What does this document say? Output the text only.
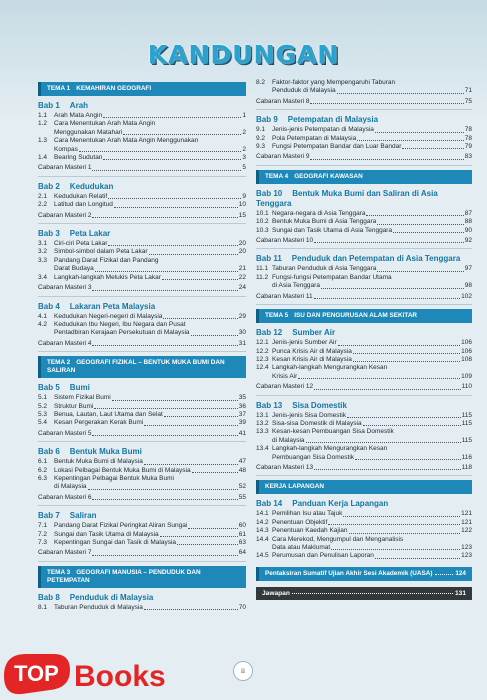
KANDUNGAN
TEMA 1 KEMAHIRAN GEOGRAFI
Bab 1 Arah
1.1	Arah Mata Angin	1
1.2	Cara Menentukan Arah Mata Angin
Menggunakan Matahari	2
1.3	Cara Menentukan Arah Mata Angin Menggunakan
Kompas	2
1.4	Bearing Sudutan	3
Cabaran Masteri 1	5
Bab 2 Kedudukan
2.1	Kedudukan Relatif	9
2.2	Latitud dan Longitud	10
Cabaran Masteri 2	15
Bab 3 Peta Lakar
3.1	Ciri-ciri Peta Lakar	20
3.2	Simbol-simbol dalam Peta Lakar	20
3.3	Pandang Darat Fizikal dan Pandang
Darat Budaya	21
3.4	Langkah-langkah Melukis Peta Lakar	22
Cabaran Masteri 3	24
Bab 4 Lakaran Peta Malaysia
4.1	Kedudukan Negeri-negeri di Malaysia	29
4.2	Kedudukan Ibu Negeri, Ibu Negara dan Pusat
Pentadbiran Kerajaan Persekutuan di Malaysia	30
Cabaran Masteri 4	31
TEMA 2 GEOGRAFI FIZIKAL – BENTUK MUKA BUMI DAN SALIRAN
Bab 5 Bumi
5.1	Sistem Fizikal Bumi	35
5.2	Struktur Bumi	36
5.3	Benua, Lautan, Laut Utama dan Selat	37
5.4	Kesan Pergerakan Kerak Bumi	39
Cabaran Masteri 5	41
Bab 6 Bentuk Muka Bumi
6.1	Bentuk Muka Bumi di Malaysia	47
6.2	Lokasi Pelbagai Bentuk Muka Bumi di Malaysia	48
6.3	Kepentingan Pelbagai Bentuk Muka Bumi
di Malaysia	52
Cabaran Masteri 6	55
Bab 7 Saliran
7.1	Pandang Darat Fizikal Peringkat Aliran Sungai	60
7.2	Sungai dan Tasik Utama di Malaysia	61
7.3	Kepentingan Sungai dan Tasik di Malaysia	63
Cabaran Masteri 7	64
TEMA 3 GEOGRAFI MANUSIA – PENDUDUK DAN PETEMPATAN
Bab 8 Penduduk di Malaysia
8.1	Taburan Penduduk di Malaysia	70
8.2	Faktor-faktor yang Mempengaruhi Taburan
Penduduk di Malaysia	71
Cabaran Masteri 8	75
Bab 9 Petempatan di Malaysia
9.1	Jenis-jenis Petempatan di Malaysia	78
9.2	Pola Petempatan di Malaysia	78
9.3	Fungsi Petempatan Bandar dan Luar Bandar	79
Cabaran Masteri 9	83
TEMA 4 GEOGRAFI KAWASAN
Bab 10 Bentuk Muka Bumi dan Saliran di Asia Tenggara
10.1 Negara-negara di Asia Tenggara	87
10.2 Bentuk Muka Bumi di Asia Tenggara	88
10.3 Sungai dan Tasik Utama di Asia Tenggara	90
Cabaran Masteri 10	92
Bab 11 Penduduk dan Petempatan di Asia Tenggara
11.1 Taburan Penduduk di Asia Tenggara	97
11.2 Fungsi-fungsi Petempatan Bandar Utama
di Asia Tenggara	98
Cabaran Masteri 11	102
TEMA 5 ISU DAN PENGURUSAN ALAM SEKITAR
Bab 12 Sumber Air
12.1 Jenis-jenis Sumber Air	106
12.2 Punca Krisis Air di Malaysia	106
12.3 Kesan Krisis Air di Malaysia	108
12.4 Langkah-langkah Mengurangkan Kesan
Krisis Air	109
Cabaran Masteri 12	110
Bab 13 Sisa Domestik
13.1 Jenis-jenis Sisa Domestik	115
13.2 Sisa-sisa Domestik di Malaysia	115
13.3 Kesan-kesan Pembuangan Sisa Domestik
di Malaysia	115
13.4 Langkah-langkah Mengurangkan Kesan
Pembuangan Sisa Domestik	116
Cabaran Masteri 13	118
KERJA LAPANGAN
Bab 14 Panduan Kerja Lapangan
14.1 Pemilihan Isu atau Tajuk	121
14.2 Penentuan Objektif	121
14.3 Penentuan Kaedah Kajian	122
14.4 Cara Merekod, Mengumpul dan Menganalisis
Data atau Maklumat	123
14.5 Perumusan dan Penulisan Laporan	123
Pentaksiran Sumatif Ujian Akhir Sesi Akademik (UASA)	124
Jawapan	131
ii
TOP Books
